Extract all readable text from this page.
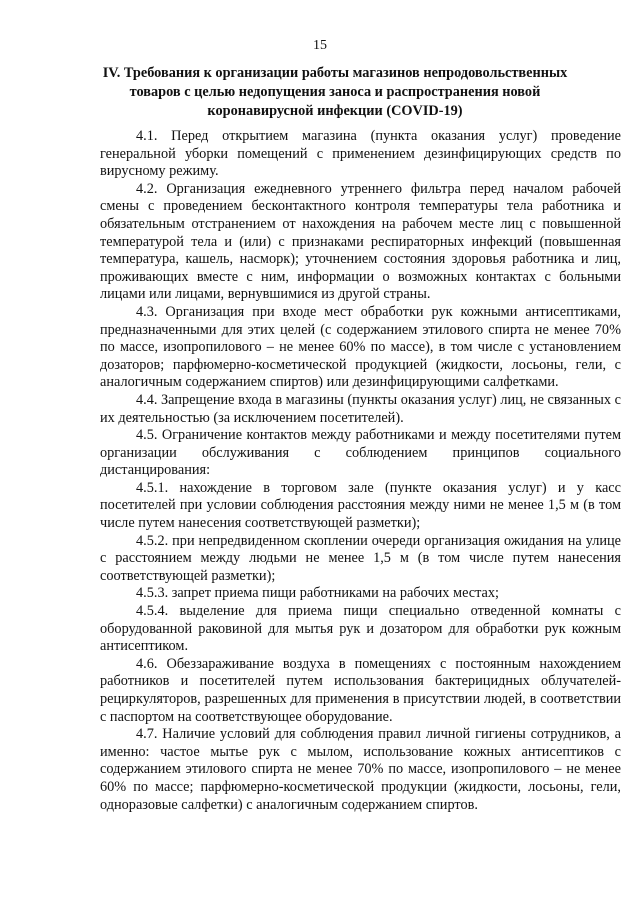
15
IV. Требования к организации работы магазинов непродовольственных товаров с целью недопущения заноса и распространения новой коронавирусной инфекции (COVID-19)

4.1. Перед открытием магазина (пункта оказания услуг) проведение генеральной уборки помещений с применением дезинфицирующих средств по вирусному режиму.

4.2. Организация ежедневного утреннего фильтра перед началом рабочей смены с проведением бесконтактного контроля температуры тела работника и обязательным отстранением от нахождения на рабочем месте лиц с повышенной температурой тела и (или) с признаками респираторных инфекций (повышенная температура, кашель, насморк); уточнением состояния здоровья работника и лиц, проживающих вместе с ним, информации о возможных контактах с больными лицами или лицами, вернувшимися из другой страны.

4.3. Организация при входе мест обработки рук кожными антисептиками, предназначенными для этих целей (с содержанием этилового спирта не менее 70% по массе, изопропилового – не менее 60% по массе), в том числе с установлением дозаторов; парфюмерно-косметической продукцией (жидкости, лосьоны, гели, с аналогичным содержанием спиртов) или дезинфицирующими салфетками.

4.4. Запрещение входа в магазины (пункты оказания услуг) лиц, не связанных с их деятельностью (за исключением посетителей).

4.5. Ограничение контактов между работниками и между посетителями путем организации обслуживания с соблюдением принципов социального дистанцирования:

4.5.1. нахождение в торговом зале (пункте оказания услуг) и у касс посетителей при условии соблюдения расстояния между ними не менее 1,5 м (в том числе путем нанесения соответствующей разметки);

4.5.2. при непредвиденном скоплении очереди организация ожидания на улице с расстоянием между людьми не менее 1,5 м (в том числе путем нанесения соответствующей разметки);

4.5.3. запрет приема пищи работниками на рабочих местах;

4.5.4. выделение для приема пищи специально отведенной комнаты с оборудованной раковиной для мытья рук и дозатором для обработки рук кожным антисептиком.

4.6. Обеззараживание воздуха в помещениях с постоянным нахождением работников и посетителей путем использования бактерицидных облучателей-рециркуляторов, разрешенных для применения в присутствии людей, в соответствии с паспортом на соответствующее оборудование.

4.7. Наличие условий для соблюдения правил личной гигиены сотрудников, а именно: частое мытье рук с мылом, использование кожных антисептиков с содержанием этилового спирта не менее 70% по массе, изопропилового – не менее 60% по массе; парфюмерно-косметической продукции (жидкости, лосьоны, гели, одноразовые салфетки) с аналогичным содержанием спиртов.
